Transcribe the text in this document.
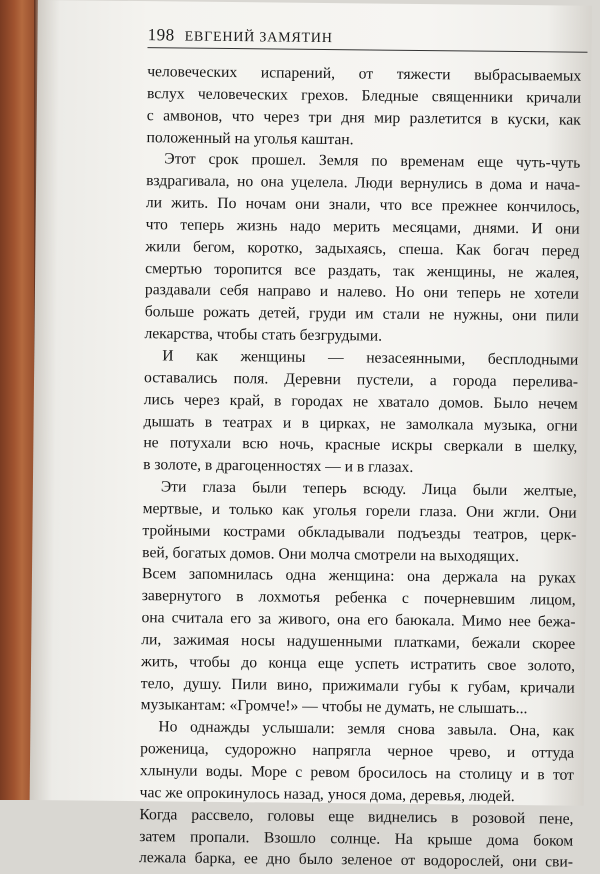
198 ЕВГЕНИЙ ЗАМЯТИН
человеческих испарений, от тяжести выбрасываемых
вслух человеческих грехов. Бледные священники кричали
с амвонов, что через три дня мир разлетится в куски, как
положенный на уголья каштан.
Этот срок прошел. Земля по временам еще чуть-чуть
вздрагивала, но она уцелела. Люди вернулись в дома и нача-
ли жить. По ночам они знали, что все прежнее кончилось,
что теперь жизнь надо мерить месяцами, днями. И они
жили бегом, коротко, задыхаясь, спеша. Как богач перед
смертью торопится все раздать, так женщины, не жалея,
раздавали себя направо и налево. Но они теперь не хотели
больше рожать детей, груди им стали не нужны, они пили
лекарства, чтобы стать безгрудыми.
И как женщины — незасеянными, бесплодными
оставались поля. Деревни пустели, а города перелива-
лись через край, в городах не хватало домов. Было нечем
дышать в театрах и в цирках, не замолкала музыка, огни
не потухали всю ночь, красные искры сверкали в шелку,
в золоте, в драгоценностях — и в глазах.
Эти глаза были теперь всюду. Лица были желтые,
мертвые, и только как уголья горели глаза. Они жгли. Они
тройными кострами обкладывали подъезды театров, церк-
вей, богатых домов. Они молча смотрели на выходящих.
Всем запомнилась одна женщина: она держала на руках
завернутого в лохмотья ребенка с почерневшим лицом,
она считала его за живого, она его баюкала. Мимо нее бежа-
ли, зажимая носы надушенными платками, бежали скорее
жить, чтобы до конца еще успеть истратить свое золото,
тело, душу. Пили вино, прижимали губы к губам, кричали
музыкантам: «Громче!» — чтобы не думать, не слышать...
Но однажды услышали: земля снова завыла. Она, как
роженица, судорожно напрягла черное чрево, и оттуда
хлынули воды. Море с ревом бросилось на столицу и в тот
час же опрокинулось назад, унося дома, деревья, людей.
Когда рассвело, головы еще виднелись в розовой пене,
затем пропали. Взошло солнце. На крыше дома боком
лежала барка, ее дно было зеленое от водорослей, они сви-
